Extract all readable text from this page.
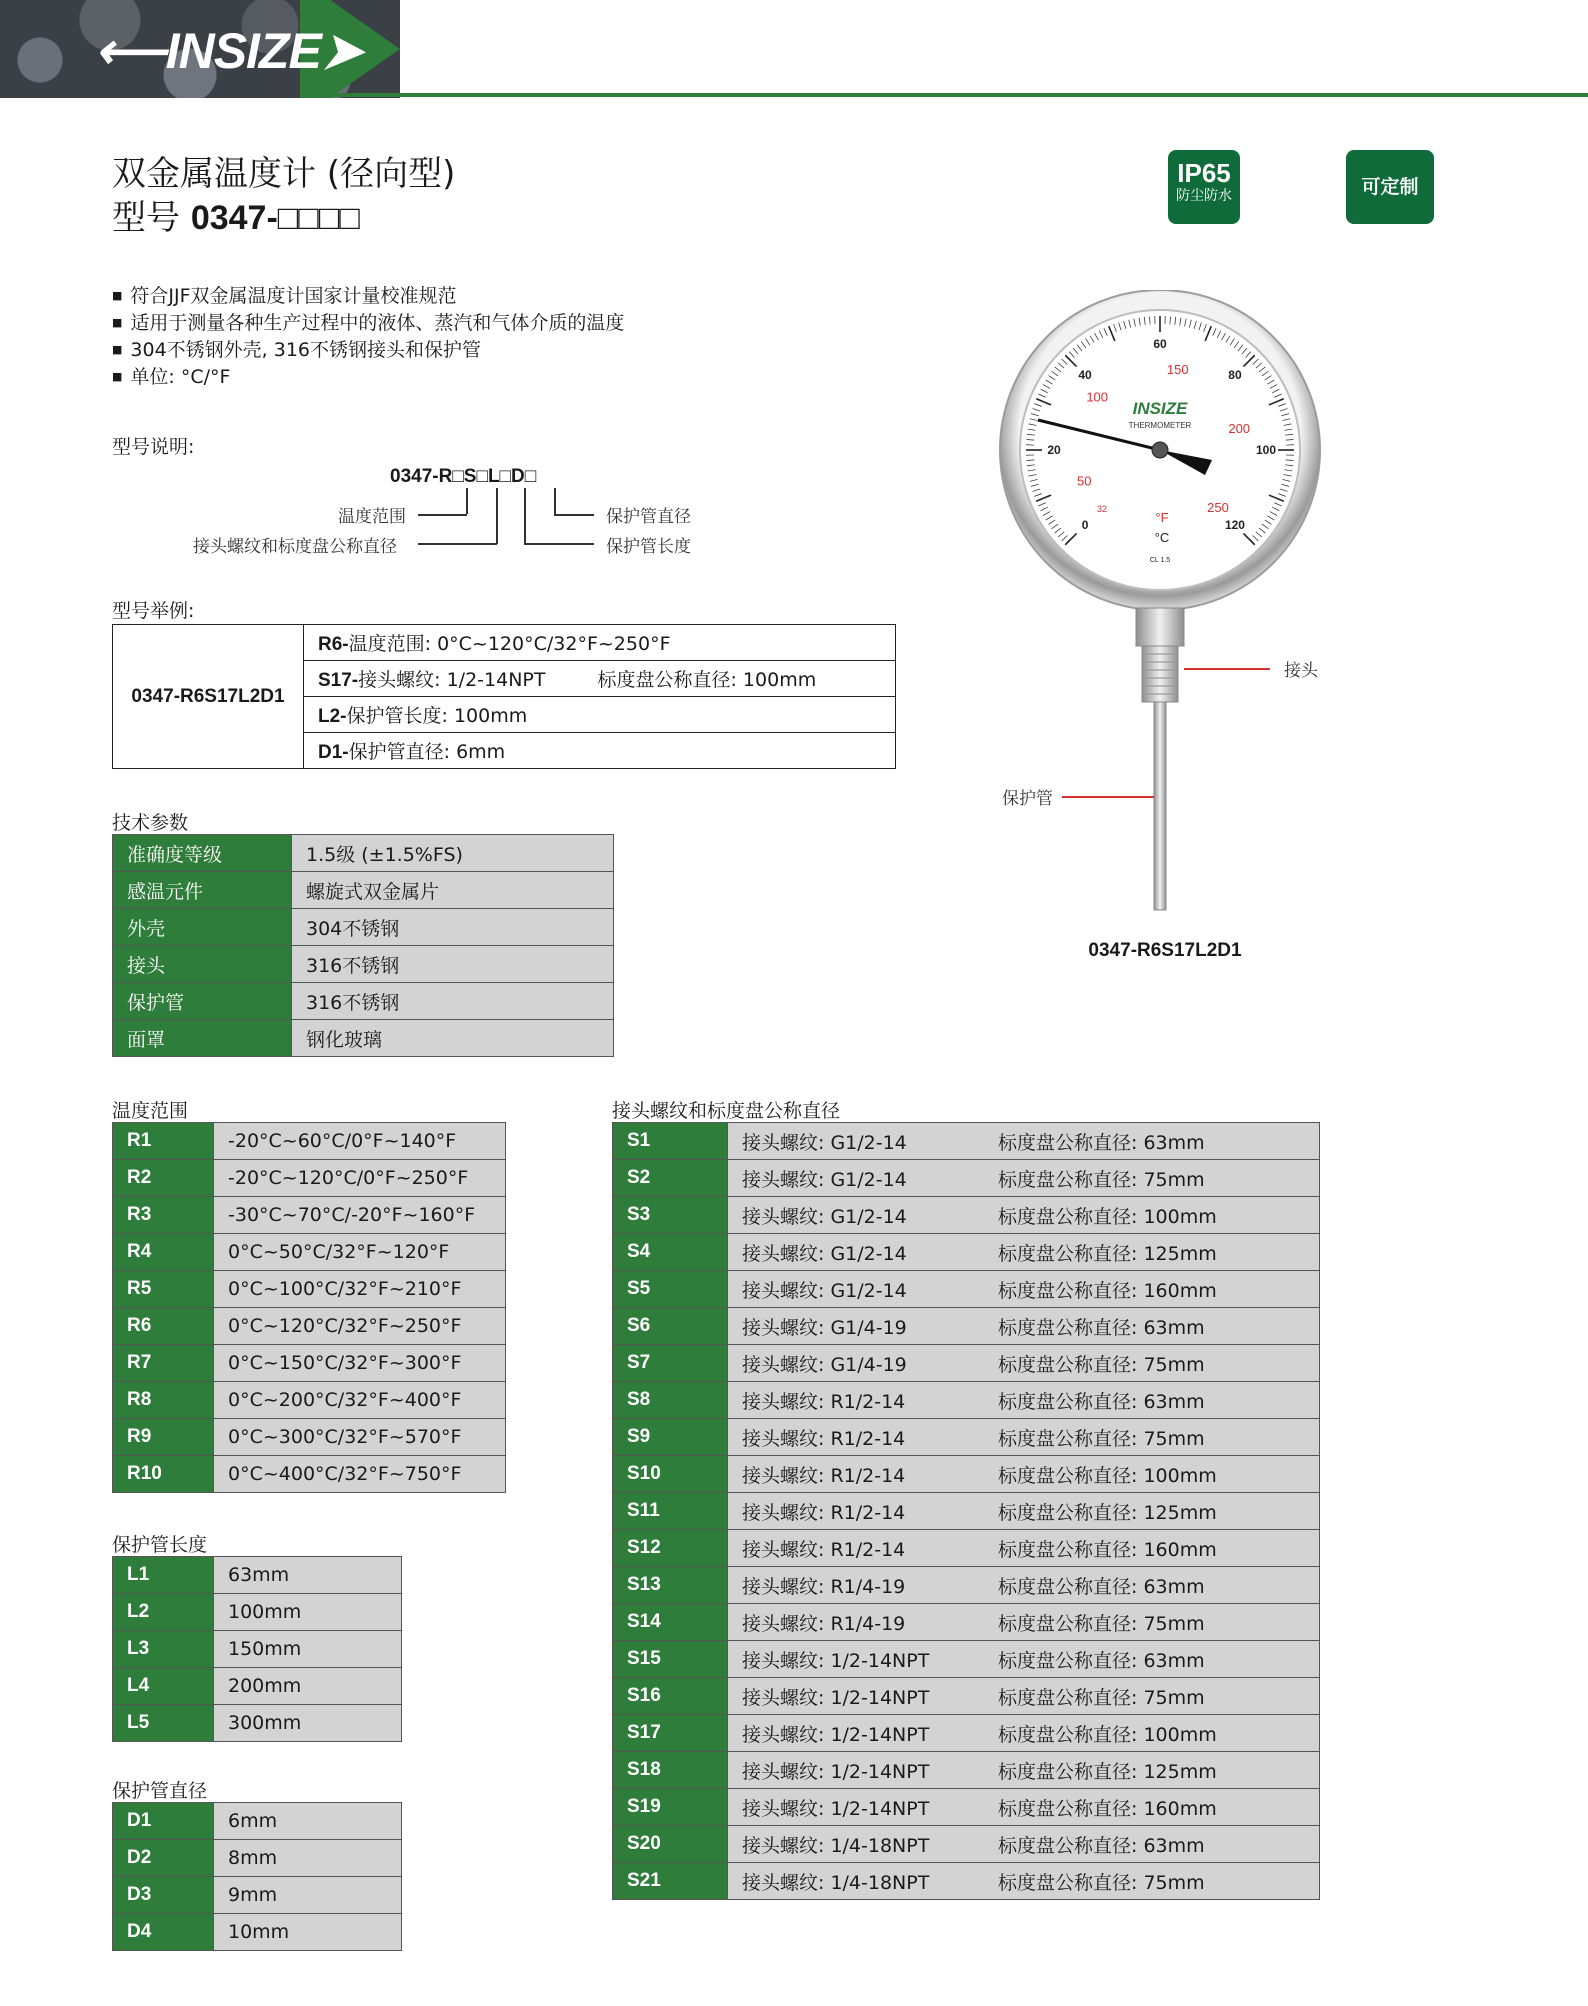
⟵INSIZE➤
双金属温度计 (径向型)
型号 0347-□□□□
IP65
防尘防水	可定制
■ 符合JJF双金属温度计国家计量校准规范
■ 适用于测量各种生产过程中的液体、蒸汽和气体介质的温度
■ 304不锈钢外壳, 316不锈钢接头和保护管
■ 单位: °C/°F
型号说明:
0347-R□S□L□D□
温度范围
接头螺纹和标度盘公称直径
保护管直径
保护管长度
型号举例:
0347-R6S17L2D1	R6-温度范围: 0°C~120°C/32°F~250°F
S17-接头螺纹: 1/2-14NPT	标度盘公称直径: 100mm
L2-保护管长度: 100mm
D1-保护管直径: 6mm
技术参数
准确度等级	1.5级 (±1.5%FS)
感温元件	螺旋式双金属片
外壳	304不锈钢
接头	316不锈钢
保护管	316不锈钢
面罩	钢化玻璃
温度范围
R1	-20°C~60°C/0°F~140°F
R2	-20°C~120°C/0°F~250°F
R3	-30°C~70°C/-20°F~160°F
R4	0°C~50°C/32°F~120°F
R5	0°C~100°C/32°F~210°F
R6	0°C~120°C/32°F~250°F
R7	0°C~150°C/32°F~300°F
R8	0°C~200°C/32°F~400°F
R9	0°C~300°C/32°F~570°F
R10	0°C~400°C/32°F~750°F
保护管长度
L1	63mm
L2	100mm
L3	150mm
L4	200mm
L5	300mm
保护管直径
D1	6mm
D2	8mm
D3	9mm
D4	10mm
接头螺纹和标度盘公称直径
S1	接头螺纹: G1/2-14 标度盘公称直径: 63mm
S2	接头螺纹: G1/2-14 标度盘公称直径: 75mm
S3	接头螺纹: G1/2-14 标度盘公称直径: 100mm
S4	接头螺纹: G1/2-14 标度盘公称直径: 125mm
S5	接头螺纹: G1/2-14 标度盘公称直径: 160mm
S6	接头螺纹: G1/4-19 标度盘公称直径: 63mm
S7	接头螺纹: G1/4-19 标度盘公称直径: 75mm
S8	接头螺纹: R1/2-14 标度盘公称直径: 63mm
S9	接头螺纹: R1/2-14 标度盘公称直径: 75mm
S10	接头螺纹: R1/2-14 标度盘公称直径: 100mm
S11	接头螺纹: R1/2-14 标度盘公称直径: 125mm
S12	接头螺纹: R1/2-14 标度盘公称直径: 160mm
S13	接头螺纹: R1/4-19 标度盘公称直径: 63mm
S14	接头螺纹: R1/4-19 标度盘公称直径: 75mm
S15	接头螺纹: 1/2-14NPT 标度盘公称直径: 63mm
S16	接头螺纹: 1/2-14NPT 标度盘公称直径: 75mm
S17	接头螺纹: 1/2-14NPT 标度盘公称直径: 100mm
S18	接头螺纹: 1/2-14NPT 标度盘公称直径: 125mm
S19	接头螺纹: 1/2-14NPT 标度盘公称直径: 160mm
S20	接头螺纹: 1/4-18NPT 标度盘公称直径: 63mm
S21	接头螺纹: 1/4-18NPT 标度盘公称直径: 75mm
0
20
40
60
80
100
120
32
50
100
150
200
250
INSIZE
THERMOMETER
°F
°C
CL 1.5
接头
保护管
0347-R6S17L2D1
